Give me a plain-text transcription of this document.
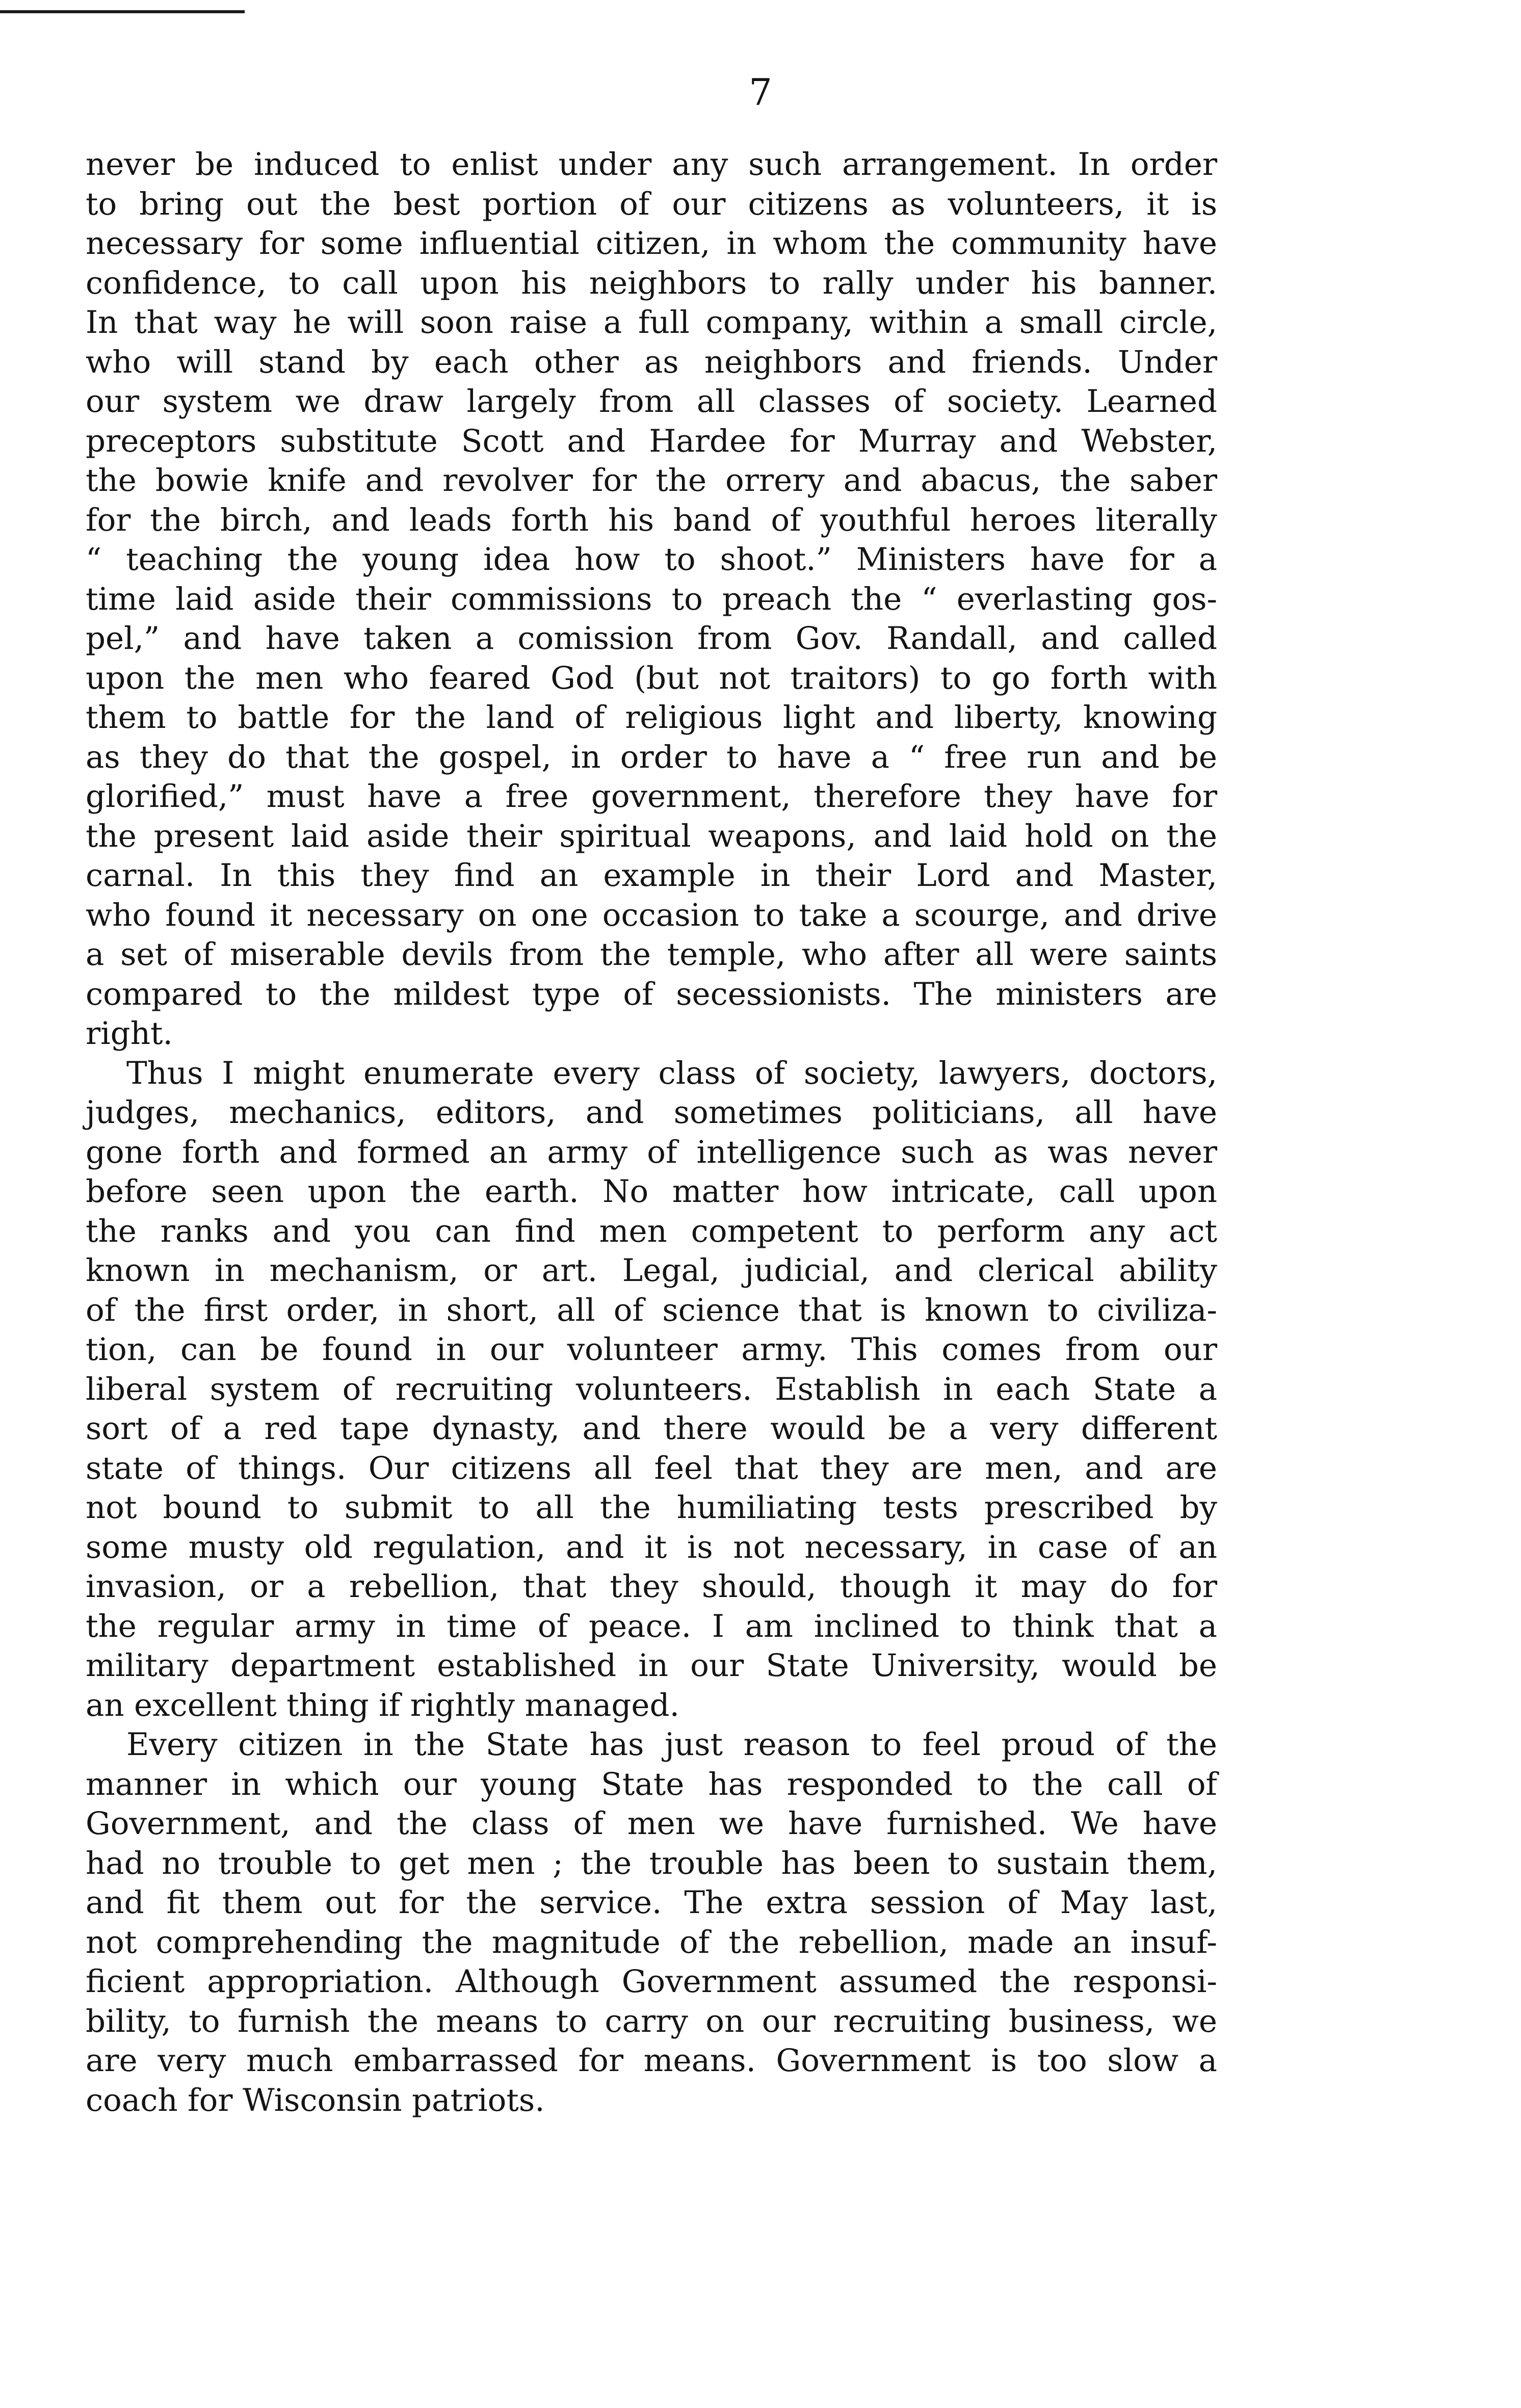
7

never be induced to enlist under any such arrangement. In order
to bring out the best portion of our citizens as volunteers, it is
necessary for some influential citizen, in whom the community have
confidence, to call upon his neighbors to rally under his banner.
In that way he will soon raise a full company, within a small circle,
who will stand by each other as neighbors and friends. Under
our system we draw largely from all classes of society. Learned
preceptors substitute Scott and Hardee for Murray and Webster,
the bowie knife and revolver for the orrery and abacus, the saber
for the birch, and leads forth his band of youthful heroes literally
“ teaching the young idea how to shoot.” Ministers have for a
time laid aside their commissions to preach the “ everlasting gos-
pel,” and have taken a comission from Gov. Randall, and called
upon the men who feared God (but not traitors) to go forth with
them to battle for the land of religious light and liberty, knowing
as they do that the gospel, in order to have a “ free run and be
glorified,” must have a free government, therefore they have for
the present laid aside their spiritual weapons, and laid hold on the
carnal. In this they find an example in their Lord and Master,
who found it necessary on one occasion to take a scourge, and drive
a set of miserable devils from the temple, who after all were saints
compared to the mildest type of secessionists. The ministers are
right.

Thus I might enumerate every class of society, lawyers, doctors,
judges, mechanics, editors, and sometimes politicians, all have
gone forth and formed an army of intelligence such as was never
before seen upon the earth. No matter how intricate, call upon
the ranks and you can find men competent to perform any act
known in mechanism, or art. Legal, judicial, and clerical ability
of the first order, in short, all of science that is known to civiliza-
tion, can be found in our volunteer army. This comes from our
liberal system of recruiting volunteers. Establish in each State a
sort of a red tape dynasty, and there would be a very different
state of things. Our citizens all feel that they are men, and are
not bound to submit to all the humiliating tests prescribed by
some musty old regulation, and it is not necessary, in case of an
invasion, or a rebellion, that they should, though it may do for
the regular army in time of peace. I am inclined to think that a
military department established in our State University, would be
an excellent thing if rightly managed.

Every citizen in the State has just reason to feel proud of the
manner in which our young State has responded to the call of
Government, and the class of men we have furnished. We have
had no trouble to get men ; the trouble has been to sustain them,
and fit them out for the service. The extra session of May last,
not comprehending the magnitude of the rebellion, made an insuf-
ficient appropriation. Although Government assumed the responsi-
bility, to furnish the means to carry on our recruiting business, we
are very much embarrassed for means. Government is too slow a
coach for Wisconsin patriots.
